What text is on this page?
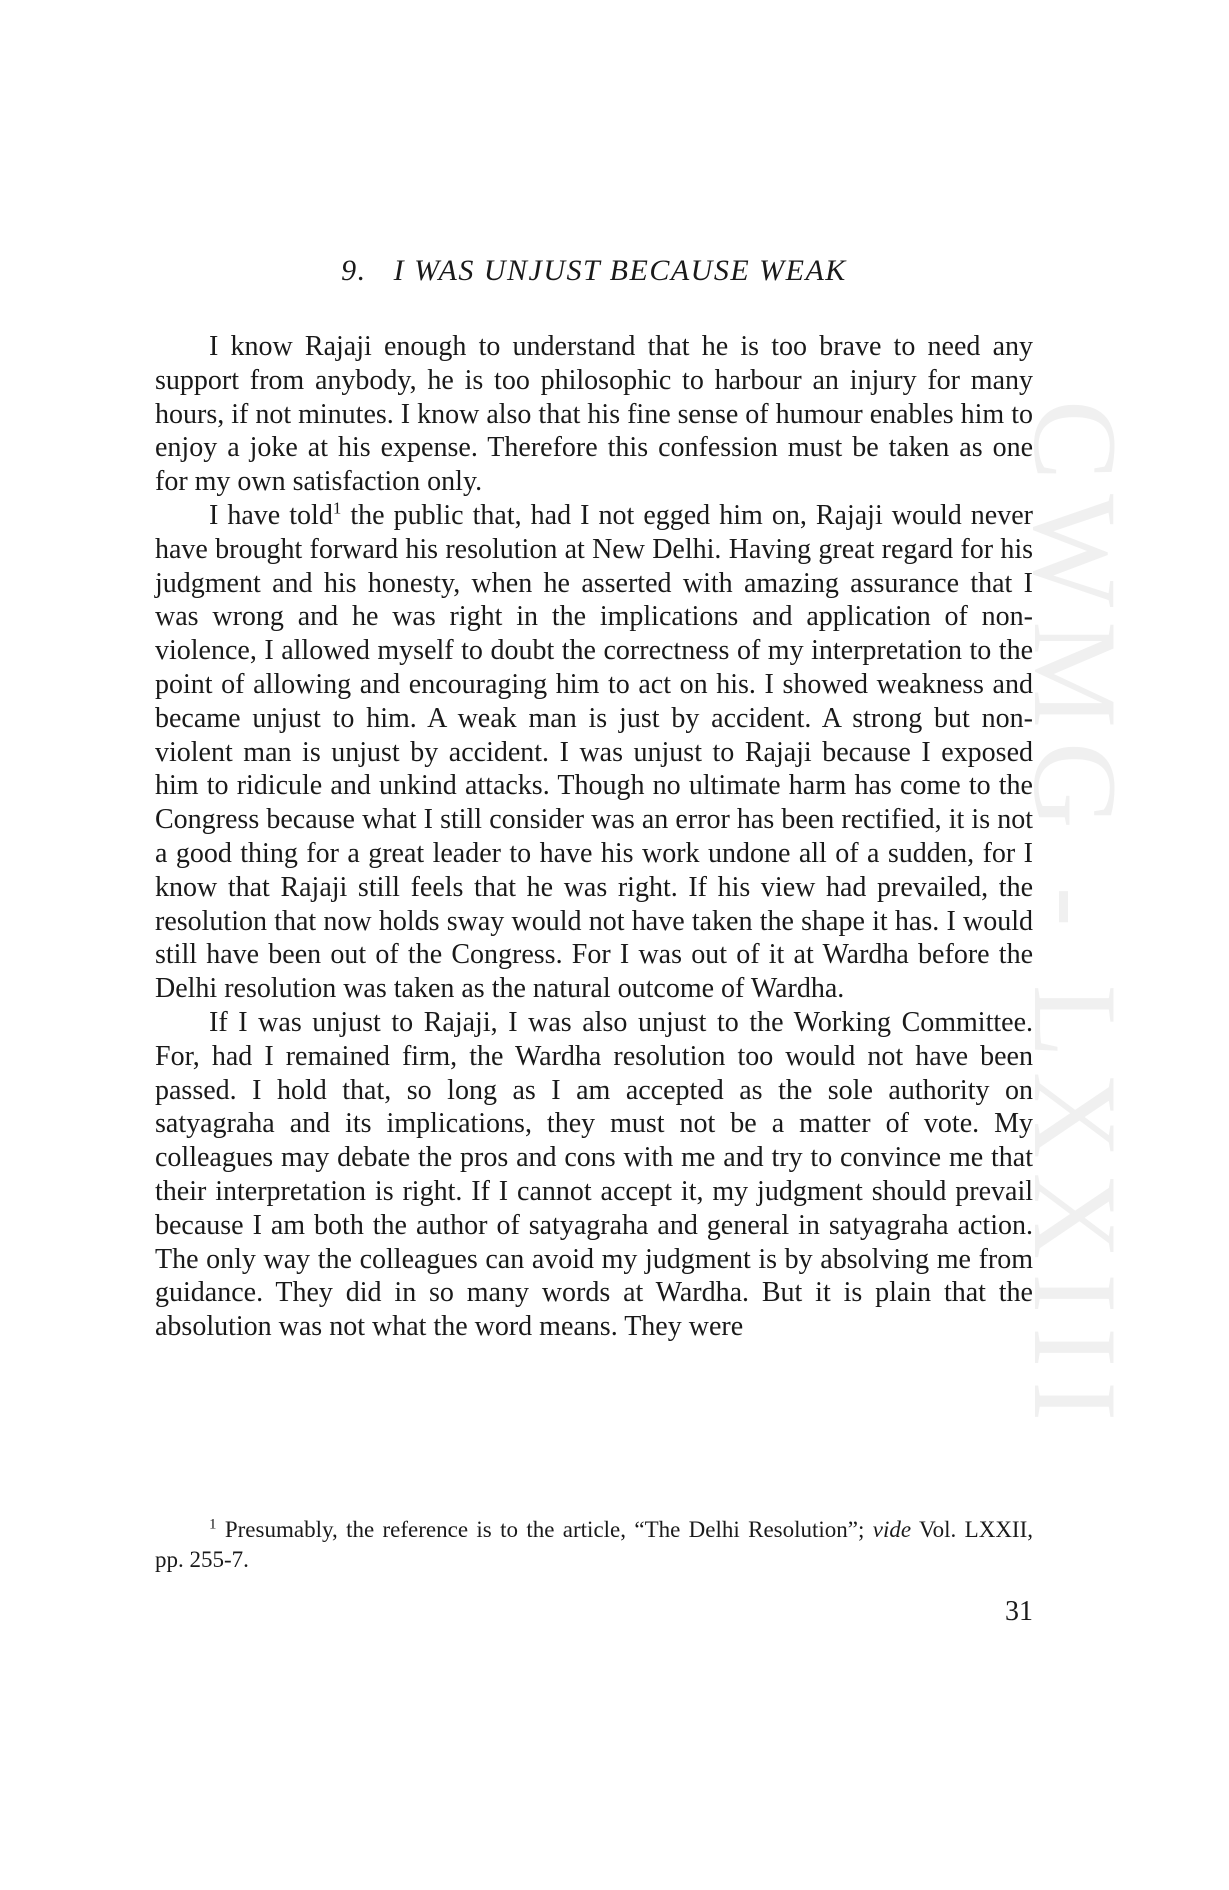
CWMG - LXXIII
9. I WAS UNJUST BECAUSE WEAK

I know Rajaji enough to understand that he is too brave to need any support from anybody, he is too philosophic to harbour an injury for many hours, if not minutes. I know also that his fine sense of humour enables him to enjoy a joke at his expense. Therefore this confession must be taken as one for my own satisfaction only.

I have told$^1$ the public that, had I not egged him on, Rajaji would never have brought forward his resolution at New Delhi. Having great regard for his judgment and his honesty, when he asserted with amazing assurance that I was wrong and he was right in the implications and application of non-violence, I allowed myself to doubt the correctness of my interpretation to the point of allowing and encouraging him to act on his. I showed weakness and became unjust to him. A weak man is just by accident. A strong but non-violent man is unjust by accident. I was unjust to Rajaji because I exposed him to ridicule and unkind attacks. Though no ultimate harm has come to the Congress because what I still consider was an error has been rectified, it is not a good thing for a great leader to have his work undone all of a sudden, for I know that Rajaji still feels that he was right. If his view had prevailed, the resolution that now holds sway would not have taken the shape it has. I would still have been out of the Congress. For I was out of it at Wardha before the Delhi resolution was taken as the natural outcome of Wardha.

If I was unjust to Rajaji, I was also unjust to the Working Committee. For, had I remained firm, the Wardha resolution too would not have been passed. I hold that, so long as I am accepted as the sole authority on satyagraha and its implications, they must not be a matter of vote. My colleagues may debate the pros and cons with me and try to convince me that their interpretation is right. If I cannot accept it, my judgment should prevail because I am both the author of satyagraha and general in satyagraha action. The only way the colleagues can avoid my judgment is by absolving me from guidance. They did in so many words at Wardha. But it is plain that the absolution was not what the word means. They were

$^1$ Presumably, the reference is to the article, “The Delhi Resolution”; vide Vol. LXXII, pp. 255-7.

31
